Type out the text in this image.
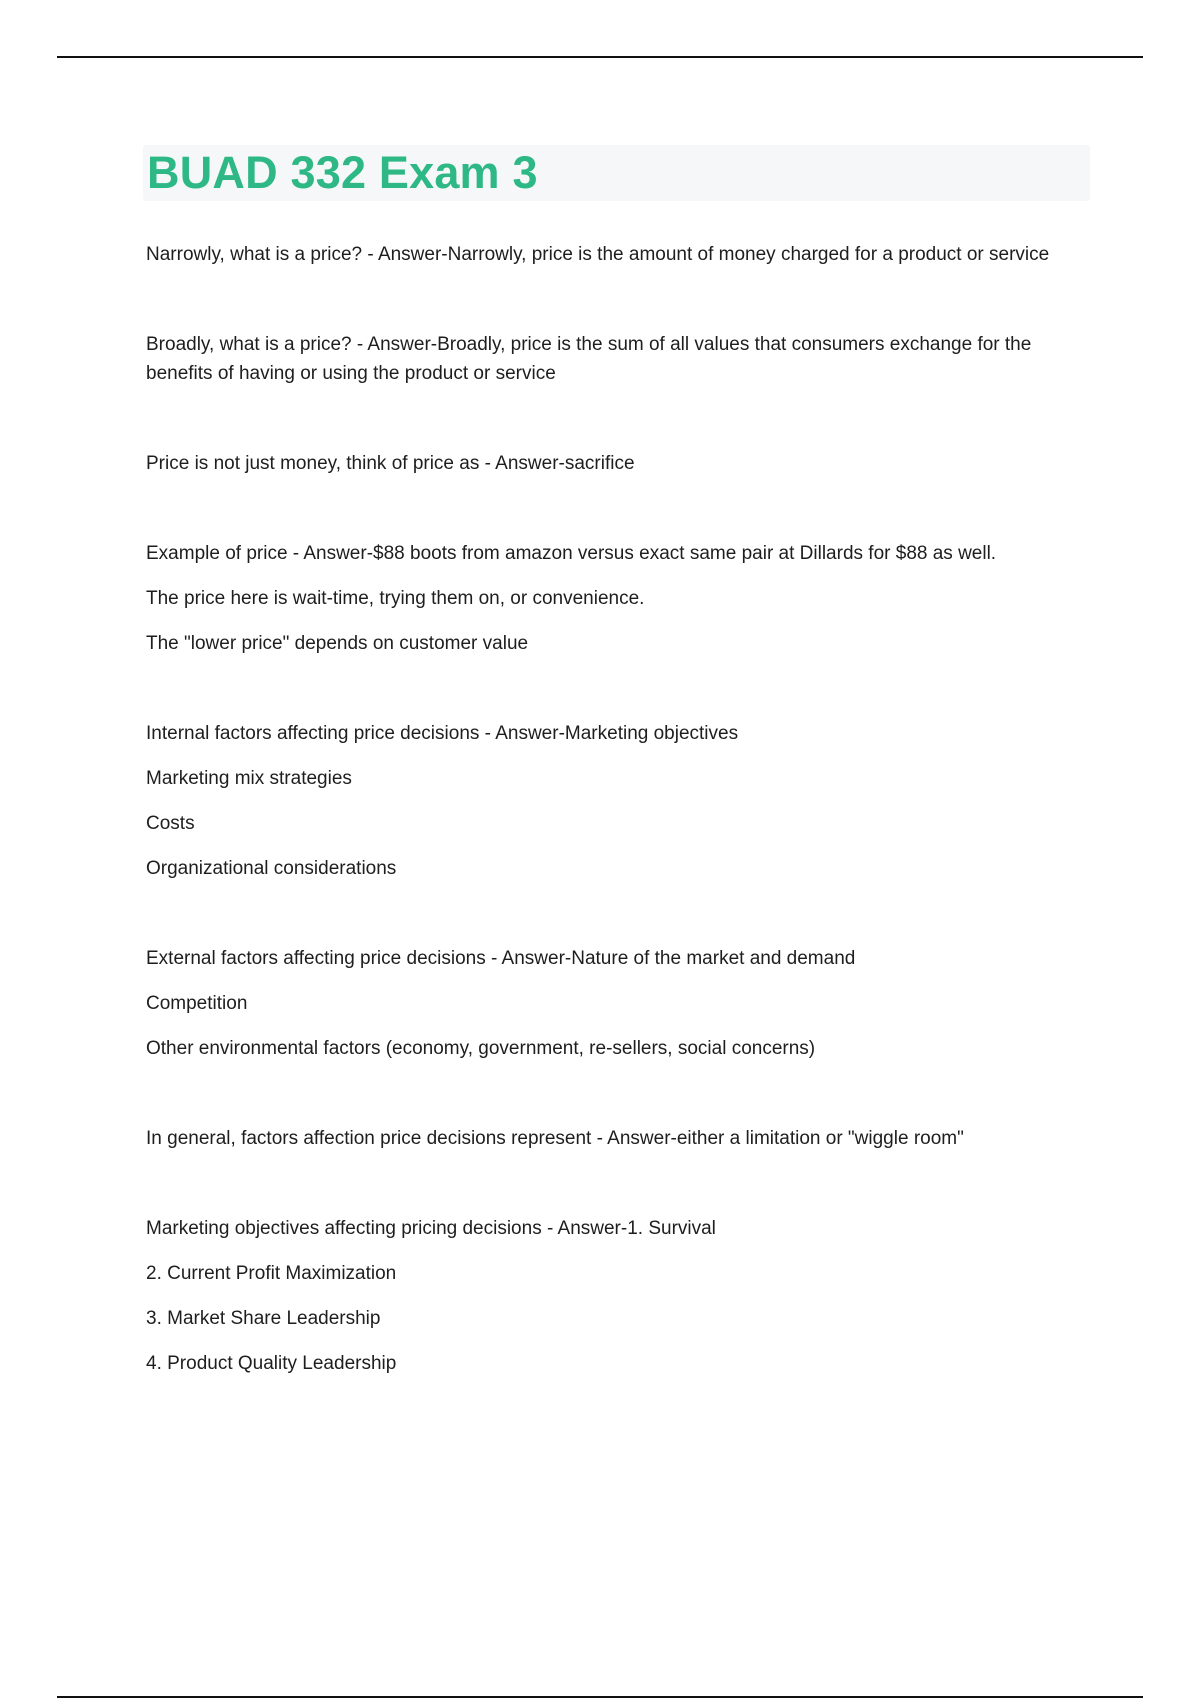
BUAD 332 Exam 3

Narrowly, what is a price? - Answer-Narrowly, price is the amount of money charged for a product or service

Broadly, what is a price? - Answer-Broadly, price is the sum of all values that consumers exchange for the benefits of having or using the product or service

Price is not just money, think of price as - Answer-sacrifice

Example of price - Answer-$88 boots from amazon versus exact same pair at Dillards for $88 as well.

The price here is wait-time, trying them on, or convenience.

The "lower price" depends on customer value

Internal factors affecting price decisions - Answer-Marketing objectives

Marketing mix strategies

Costs

Organizational considerations

External factors affecting price decisions - Answer-Nature of the market and demand

Competition

Other environmental factors (economy, government, re-sellers, social concerns)

In general, factors affection price decisions represent - Answer-either a limitation or "wiggle room"

Marketing objectives affecting pricing decisions - Answer-1. Survival

2. Current Profit Maximization

3. Market Share Leadership

4. Product Quality Leadership
